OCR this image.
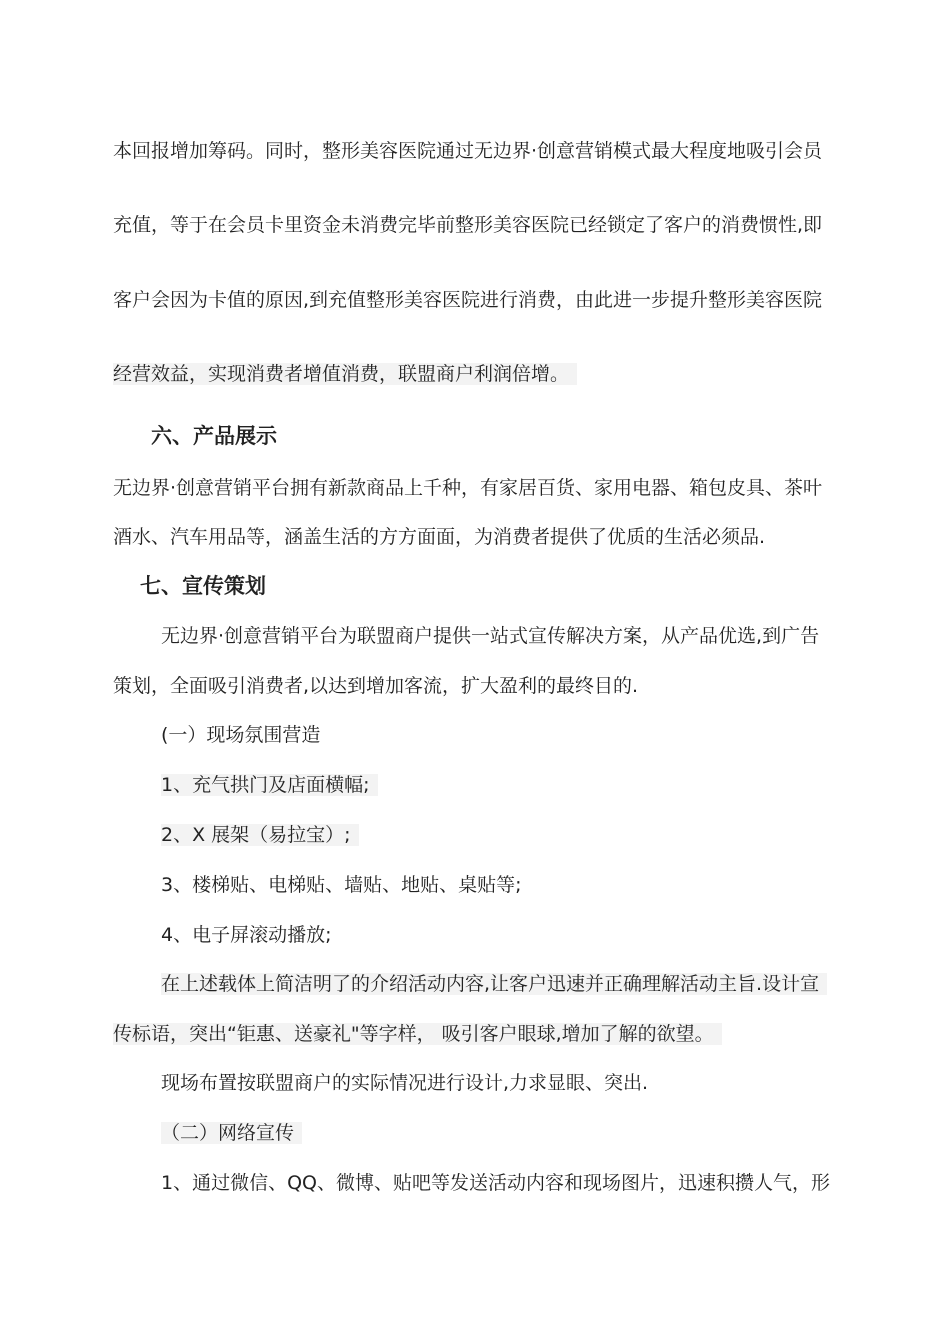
本回报增加筹码。同时，整形美容医院通过无边界·创意营销模式最大程度地吸引会员
充值，等于在会员卡里资金未消费完毕前整形美容医院已经锁定了客户的消费惯性,即
客户会因为卡值的原因,到充值整形美容医院进行消费，由此进一步提升整形美容医院
经营效益，实现消费者增值消费，联盟商户利润倍增。
六、产品展示
无边界·创意营销平台拥有新款商品上千种，有家居百货、家用电器、箱包皮具、茶叶
酒水、汽车用品等，涵盖生活的方方面面，为消费者提供了优质的生活必须品.
七、宣传策划
无边界·创意营销平台为联盟商户提供一站式宣传解决方案，从产品优选,到广告
策划，全面吸引消费者,以达到增加客流，扩大盈利的最终目的.
(一）现场氛围营造
1、充气拱门及店面横幅;
2、X 展架（易拉宝）;
3、楼梯贴、电梯贴、墙贴、地贴、桌贴等;
4、电子屏滚动播放;
在上述载体上简洁明了的介绍活动内容,让客户迅速并正确理解活动主旨.设计宣
传标语，突出“钜惠、送豪礼"等字样， 吸引客户眼球,增加了解的欲望。
现场布置按联盟商户的实际情况进行设计,力求显眼、突出.
（二）网络宣传
1、通过微信、QQ、微博、贴吧等发送活动内容和现场图片，迅速积攒人气，形
